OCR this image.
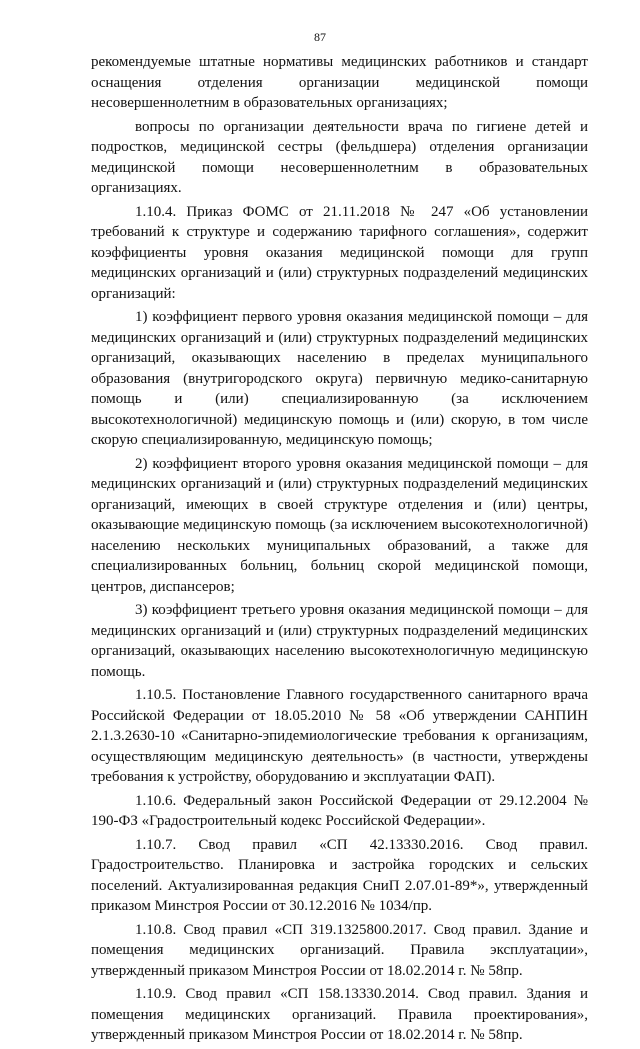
87

рекомендуемые штатные нормативы медицинских работников и стандарт оснащения отделения организации медицинской помощи несовершеннолетним в образовательных организациях;

вопросы по организации деятельности врача по гигиене детей и подростков, медицинской сестры (фельдшера) отделения организации медицинской помощи несовершеннолетним в образовательных организациях.

1.10.4. Приказ ФОМС от 21.11.2018 № 247 «Об установлении требований к структуре и содержанию тарифного соглашения», содержит коэффициенты уровня оказания медицинской помощи для групп медицинских организаций и (или) структурных подразделений медицинских организаций:

1) коэффициент первого уровня оказания медицинской помощи – для медицинских организаций и (или) структурных подразделений медицинских организаций, оказывающих населению в пределах муниципального образования (внутригородского округа) первичную медико-санитарную помощь и (или) специализированную (за исключением высокотехнологичной) медицинскую помощь и (или) скорую, в том числе скорую специализированную, медицинскую помощь;

2) коэффициент второго уровня оказания медицинской помощи – для медицинских организаций и (или) структурных подразделений медицинских организаций, имеющих в своей структуре отделения и (или) центры, оказывающие медицинскую помощь (за исключением высокотехнологичной) населению нескольких муниципальных образований, а также для специализированных больниц, больниц скорой медицинской помощи, центров, диспансеров;

3) коэффициент третьего уровня оказания медицинской помощи – для медицинских организаций и (или) структурных подразделений медицинских организаций, оказывающих населению высокотехнологичную медицинскую помощь.

1.10.5. Постановление Главного государственного санитарного врача Российской Федерации от 18.05.2010 № 58 «Об утверждении САНПИН 2.1.3.2630-10 «Санитарно-эпидемиологические требования к организациям, осуществляющим медицинскую деятельность» (в частности, утверждены требования к устройству, оборудованию и эксплуатации ФАП).

1.10.6. Федеральный закон Российской Федерации от 29.12.2004 № 190-ФЗ «Градостроительный кодекс Российской Федерации».

1.10.7. Свод правил «СП 42.13330.2016. Свод правил. Градостроительство. Планировка и застройка городских и сельских поселений. Актуализированная редакция СниП 2.07.01-89*», утвержденный приказом Минстроя России от 30.12.2016 № 1034/пр.

1.10.8. Свод правил «СП 319.1325800.2017. Свод правил. Здание и помещения медицинских организаций. Правила эксплуатации», утвержденный приказом Минстроя России от 18.02.2014 г. № 58пр.

1.10.9. Свод правил «СП 158.13330.2014. Свод правил. Здания и помещения медицинских организаций. Правила проектирования», утвержденный приказом Минстроя России от 18.02.2014 г. № 58пр.
